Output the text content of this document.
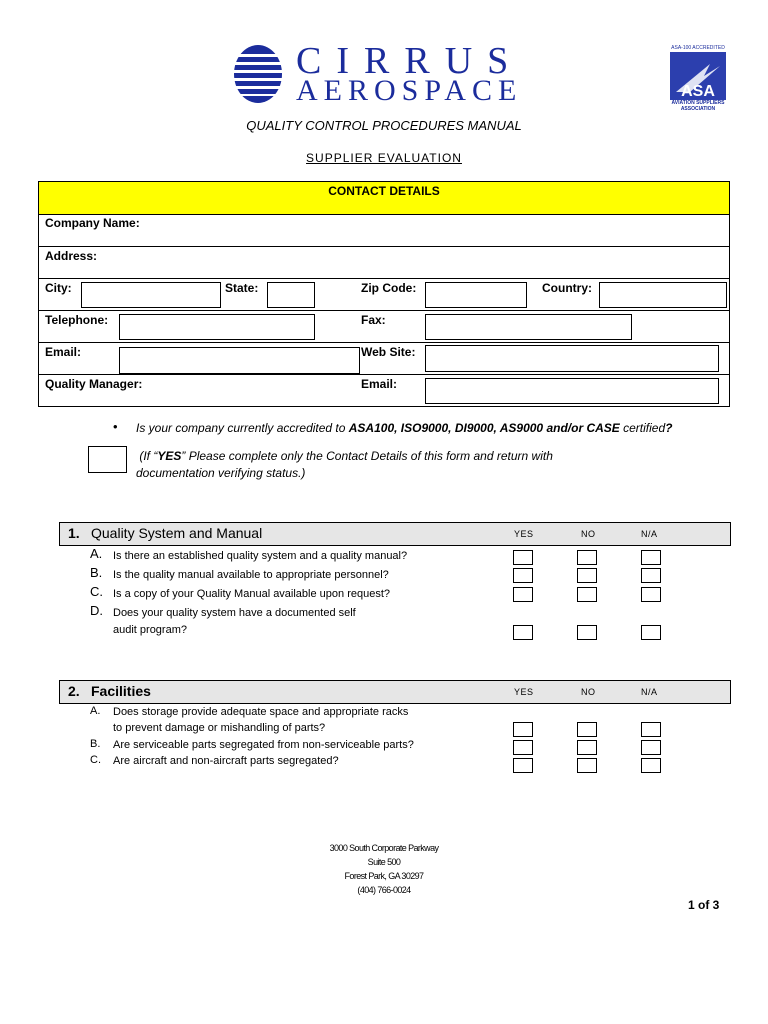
CIRRUS
AEROSPACE
ASA-100 ACCREDITED
ASA
AVIATION SUPPLIERS ASSOCIATION
QUALITY CONTROL PROCEDURES MANUAL
SUPPLIER EVALUATION
CONTACT DETAILS
Company Name:
Address:
City:	State:	Zip Code:	Country:
Telephone:	Fax:
Email:	Web Site:
Quality Manager:	Email:
• Is your company currently accredited to ASA100, ISO9000, DI9000, AS9000 and/or CASE certified?
(If “YES” Please complete only the Contact Details of this form and return with documentation verifying status.)
1. Quality System and Manual	YES	NO	N/A
A. Is there an established quality system and a quality manual?
B. Is the quality manual available to appropriate personnel?
C. Is a copy of your Quality Manual available upon request?
D. Does your quality system have a documented self
audit program?
2. Facilities	YES	NO	N/A
A. Does storage provide adequate space and appropriate racks
to prevent damage or mishandling of parts?
B. Are serviceable parts segregated from non-serviceable parts?
C. Are aircraft and non-aircraft parts segregated?
3000 South Corporate Parkway
Suite 500
Forest Park, GA 30297
(404) 766-0024
1 of 3
